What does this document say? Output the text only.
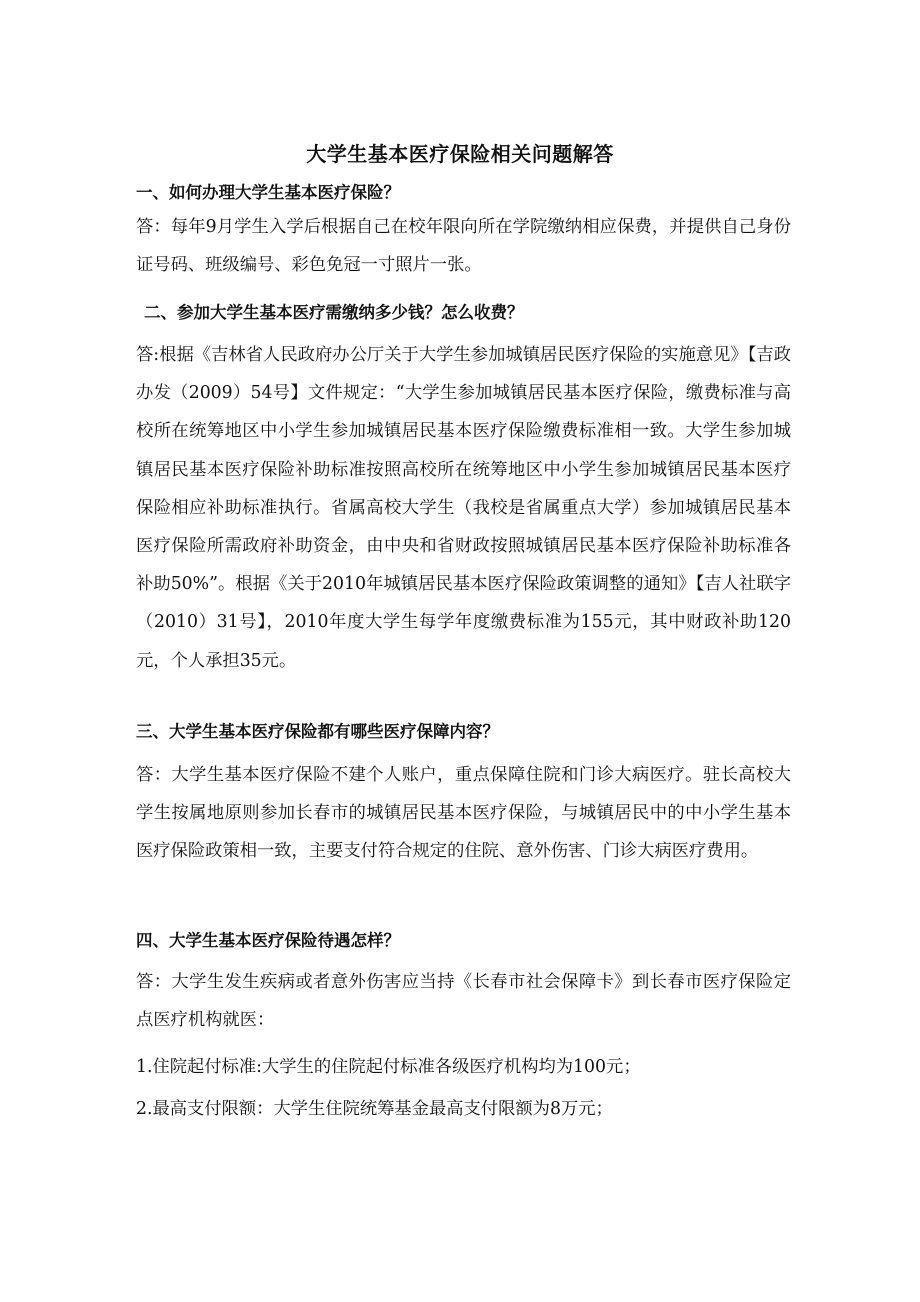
大学生基本医疗保险相关问题解答
一、如何办理大学生基本医疗保险？
答：每年9月学生入学后根据自己在校年限向所在学院缴纳相应保费，并提供自己身份证号码、班级编号、彩色免冠一寸照片一张。
二、参加大学生基本医疗需缴纳多少钱？怎么收费？
答:根据《吉林省人民政府办公厅关于大学生参加城镇居民医疗保险的实施意见》【吉政办发（2009）54号】文件规定：“大学生参加城镇居民基本医疗保险，缴费标准与高校所在统筹地区中小学生参加城镇居民基本医疗保险缴费标准相一致。大学生参加城镇居民基本医疗保险补助标准按照高校所在统筹地区中小学生参加城镇居民基本医疗保险相应补助标准执行。省属高校大学生（我校是省属重点大学）参加城镇居民基本医疗保险所需政府补助资金，由中央和省财政按照城镇居民基本医疗保险补助标准各补助50%”。根据《关于2010年城镇居民基本医疗保险政策调整的通知》【吉人社联字（2010）31号】，2010年度大学生每学年度缴费标准为155元，其中财政补助120元，个人承担35元。
三、大学生基本医疗保险都有哪些医疗保障内容？
答：大学生基本医疗保险不建个人账户，重点保障住院和门诊大病医疗。驻长高校大学生按属地原则参加长春市的城镇居民基本医疗保险，与城镇居民中的中小学生基本医疗保险政策相一致，主要支付符合规定的住院、意外伤害、门诊大病医疗费用。
四、大学生基本医疗保险待遇怎样？
答：大学生发生疾病或者意外伤害应当持《长春市社会保障卡》到长春市医疗保险定点医疗机构就医：
1.住院起付标准:大学生的住院起付标准各级医疗机构均为100元；
2.最高支付限额：大学生住院统筹基金最高支付限额为8万元；
